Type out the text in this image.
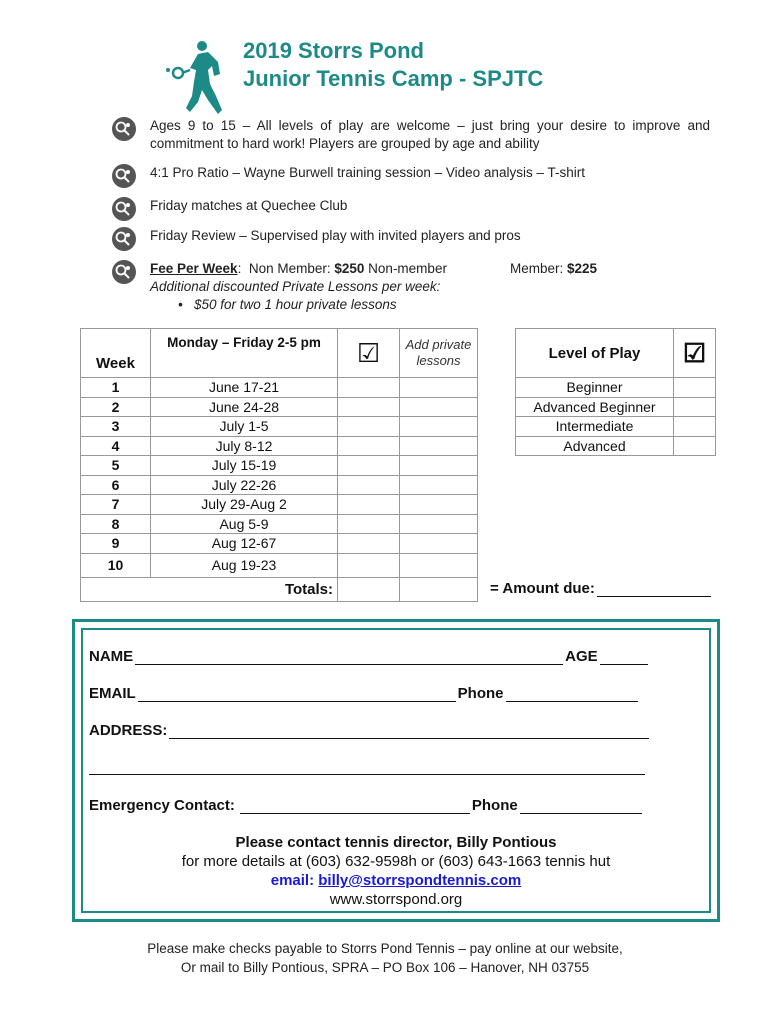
2019 Storrs Pond
Junior Tennis Camp - SPJTC
Ages 9 to 15 – All levels of play are welcome – just bring your desire to improve and commitment to hard work! Players are grouped by age and ability
4:1 Pro Ratio – Wayne Burwell training session – Video analysis – T-shirt
Friday matches at Quechee Club
Friday Review – Supervised play with invited players and pros
Fee Per Week: Non Member: $250 Non-member	Member: $225
Additional discounted Private Lessons per week:
•   $50 for two 1 hour private lessons
Week	Monday – Friday 2-5 pm	☑	Add private lessons	

1	June 17-21			
2	June 24-28			
3	July 1-5			
4	July 8-12			
5	July 15-19			
6	July 22-26			
7	July 29-Aug 2			
8	Aug 5-9			
9	Aug 12-67			
10	Aug 19-23			
Totals:				
Level of Play	☑
Beginner	
Advanced Beginner	
Intermediate	
Advanced	
= Amount due:
NAME	AGE
EMAIL	Phone
ADDRESS:
Emergency Contact:	Phone
Please contact tennis director, Billy Pontious
for more details at (603) 632-9598h or (603) 643-1663 tennis hut
email: billy@storrspondtennis.com
www.storrspond.org
Please make checks payable to Storrs Pond Tennis – pay online at our website,
Or mail to Billy Pontious, SPRA – PO Box 106 – Hanover, NH 03755
